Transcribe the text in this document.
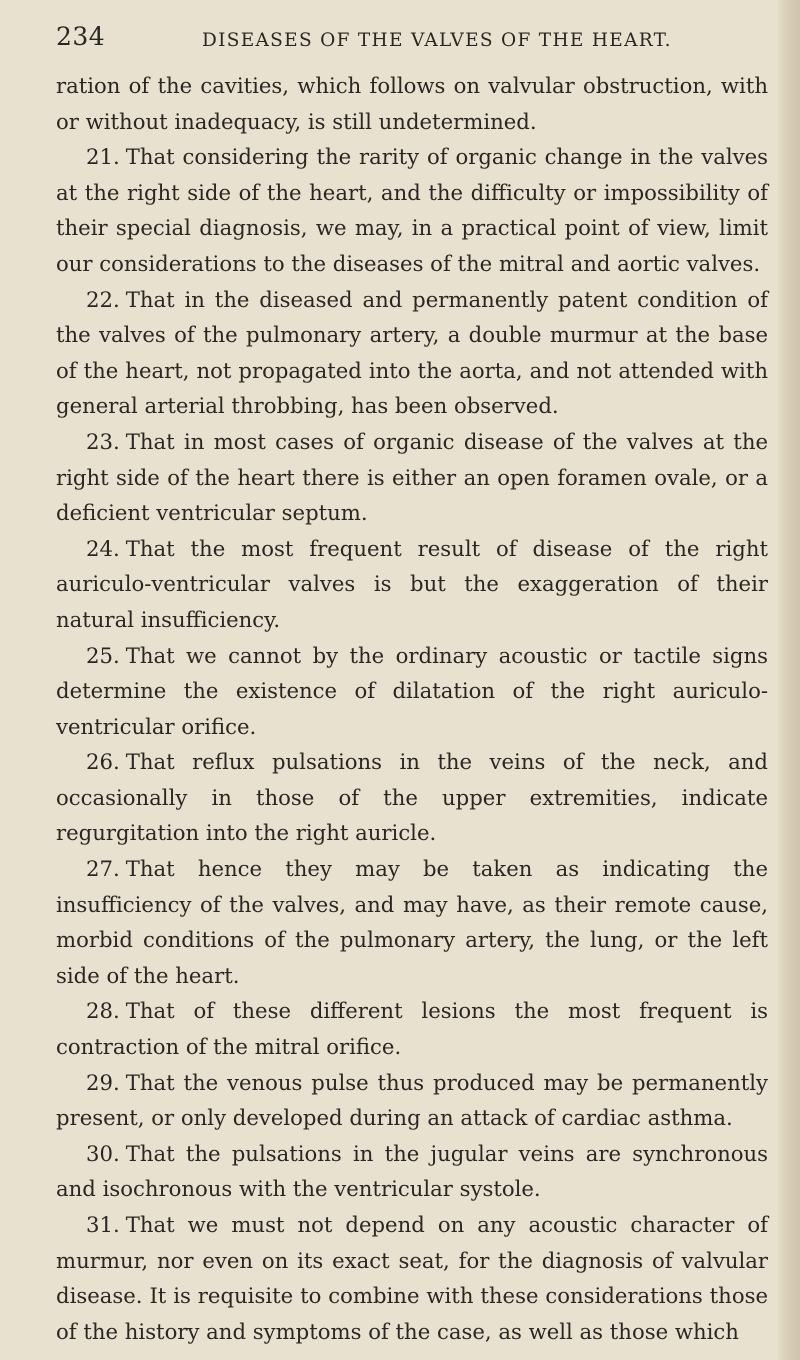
234	DISEASES OF THE VALVES OF THE HEART.

ration of the cavities, which follows on valvular obstruction, with or without inadequacy, is still undetermined.

21. That considering the rarity of organic change in the valves at the right side of the heart, and the difficulty or impossibility of their special diagnosis, we may, in a practical point of view, limit our considerations to the diseases of the mitral and aortic valves.

22. That in the diseased and permanently patent condition of the valves of the pulmonary artery, a double murmur at the base of the heart, not propagated into the aorta, and not attended with general arterial throbbing, has been observed.

23. That in most cases of organic disease of the valves at the right side of the heart there is either an open foramen ovale, or a deficient ventricular septum.

24. That the most frequent result of disease of the right auriculo-ventricular valves is but the exaggeration of their natural insufficiency.

25. That we cannot by the ordinary acoustic or tactile signs determine the existence of dilatation of the right auriculo-ventricular orifice.

26. That reflux pulsations in the veins of the neck, and occasionally in those of the upper extremities, indicate regurgitation into the right auricle.

27. That hence they may be taken as indicating the insufficiency of the valves, and may have, as their remote cause, morbid conditions of the pulmonary artery, the lung, or the left side of the heart.

28. That of these different lesions the most frequent is contraction of the mitral orifice.

29. That the venous pulse thus produced may be permanently present, or only developed during an attack of cardiac asthma.

30. That the pulsations in the jugular veins are synchronous and isochronous with the ventricular systole.

31. That we must not depend on any acoustic character of murmur, nor even on its exact seat, for the diagnosis of valvular disease. It is requisite to combine with these considerations those of the history and symptoms of the case, as well as those which
